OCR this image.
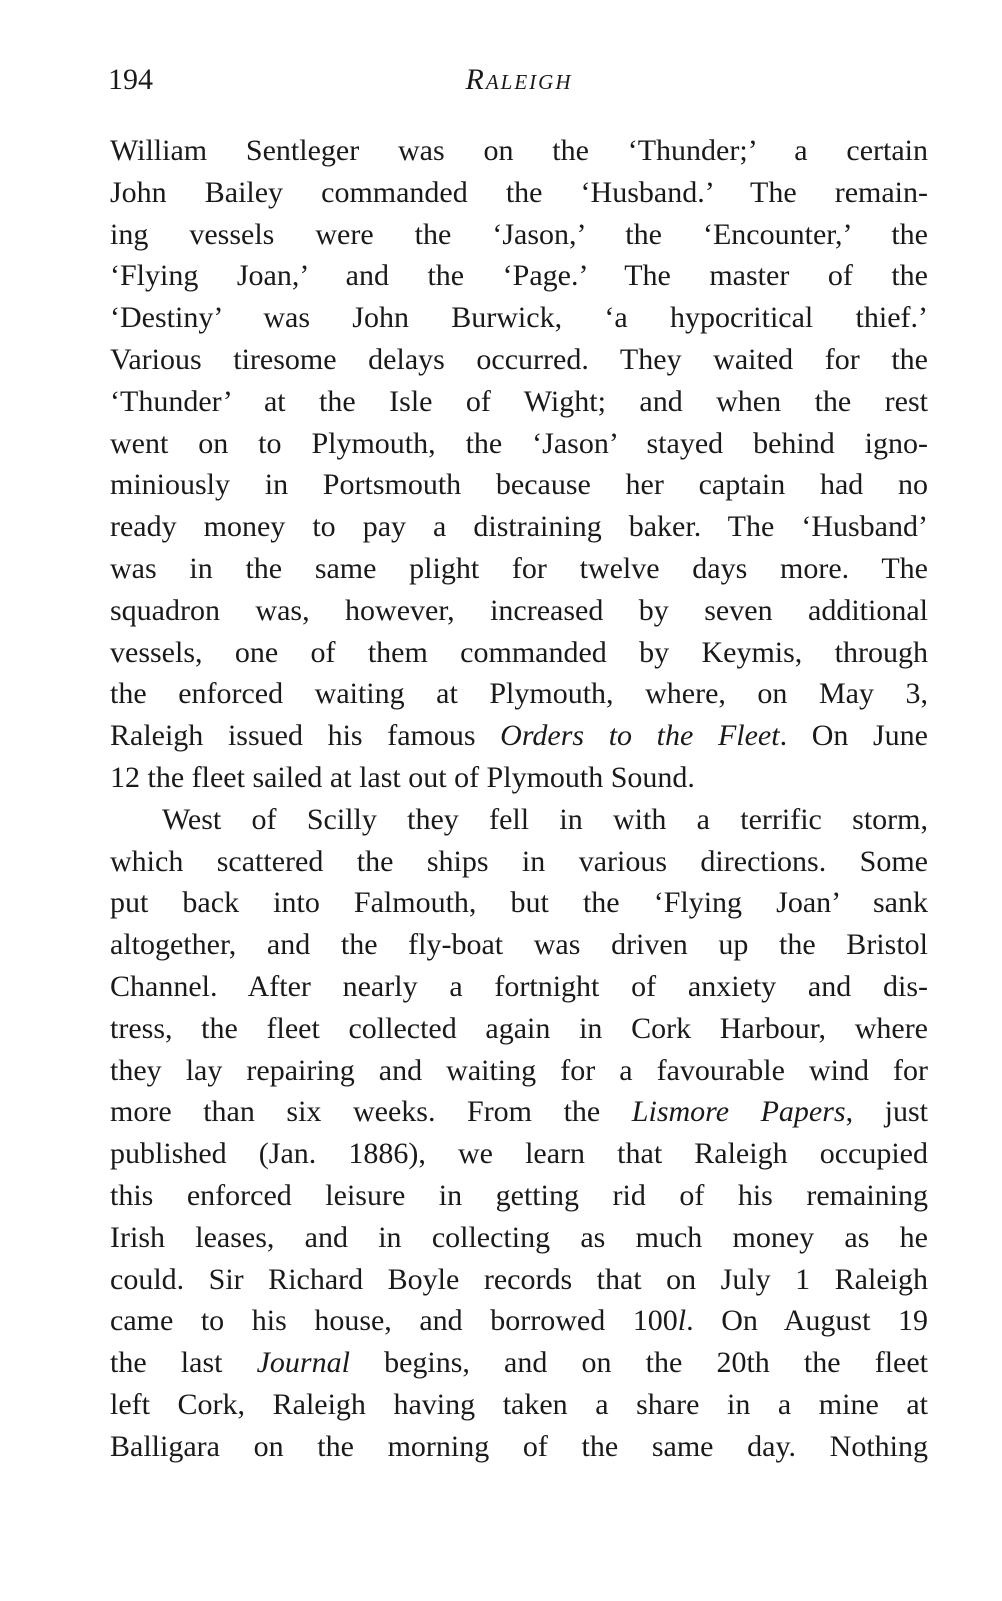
194	Raleigh
William Sentleger was on the ‘Thunder;’ a certain
John Bailey commanded the ‘Husband.’ The remain-
ing vessels were the ‘Jason,’ the ‘Encounter,’ the
‘Flying Joan,’ and the ‘Page.’ The master of the
‘Destiny’ was John Burwick, ‘a hypocritical thief.’
Various tiresome delays occurred. They waited for the
‘Thunder’ at the Isle of Wight; and when the rest
went on to Plymouth, the ‘Jason’ stayed behind igno-
miniously in Portsmouth because her captain had no
ready money to pay a distraining baker. The ‘Husband’
was in the same plight for twelve days more. The
squadron was, however, increased by seven additional
vessels, one of them commanded by Keymis, through
the enforced waiting at Plymouth, where, on May 3,
Raleigh issued his famous Orders to the Fleet. On June
12 the fleet sailed at last out of Plymouth Sound.
West of Scilly they fell in with a terrific storm,
which scattered the ships in various directions. Some
put back into Falmouth, but the ‘Flying Joan’ sank
altogether, and the fly-boat was driven up the Bristol
Channel. After nearly a fortnight of anxiety and dis-
tress, the fleet collected again in Cork Harbour, where
they lay repairing and waiting for a favourable wind for
more than six weeks. From the Lismore Papers, just
published (Jan. 1886), we learn that Raleigh occupied
this enforced leisure in getting rid of his remaining
Irish leases, and in collecting as much money as he
could. Sir Richard Boyle records that on July 1 Raleigh
came to his house, and borrowed 100l. On August 19
the last Journal begins, and on the 20th the fleet
left Cork, Raleigh having taken a share in a mine at
Balligara on the morning of the same day. Nothing
